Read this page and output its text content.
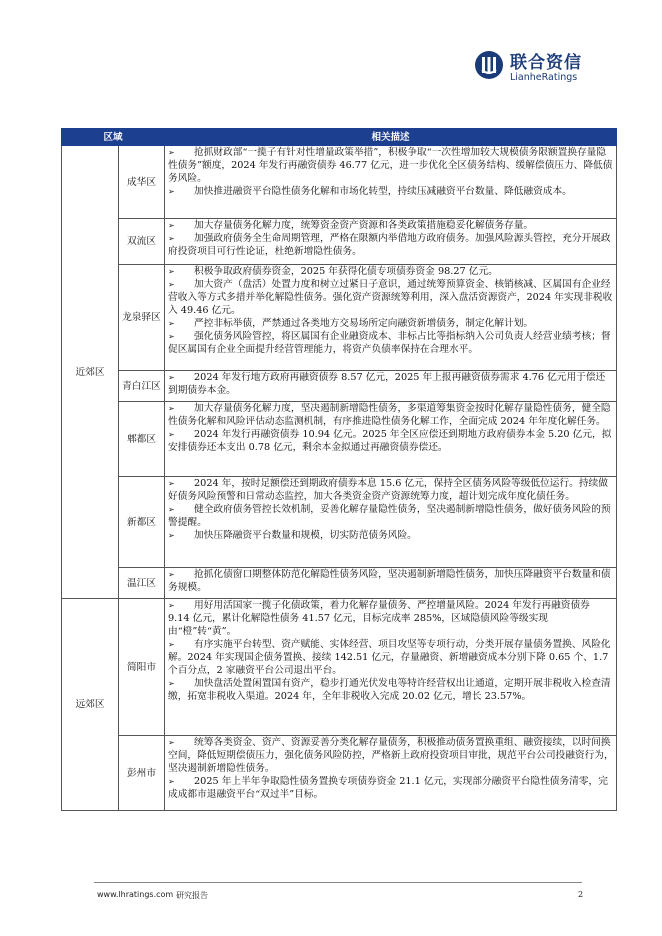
联合资信
LianheRatings
区域		相关描述
近郊区	成华区	➢ 抢抓财政部“一揽子有针对性增量政策举措”，积极争取“一次性增加较大规模债务限额置换存量隐性债务”额度，2024 年发行再融资债券 46.77 亿元，进一步优化全区债务结构、缓解偿债压力、降低债务风险。
➢ 加快推进融资平台隐性债务化解和市场化转型，持续压减融资平台数量、降低融资成本。

	双流区	➢ 加大存量债务化解力度，统筹资金资产资源和各类政策措施稳妥化解债务存量。
➢ 加强政府债务全生命周期管理，严格在限额内举借地方政府债务。加强风险源头管控，充分开展政府投资项目可行性论证，杜绝新增隐性债务。

	龙泉驿区	➢ 积极争取政府债券资金，2025 年获得化债专项债券资金 98.27 亿元。
➢ 加大资产（盘活）处置力度和树立过紧日子意识，通过统筹预算资金、核销核减、区属国有企业经营收入等方式多措并举化解隐性债务。强化资产资源统筹利用，深入盘活资源资产，2024 年实现非税收入 49.46 亿元。
➢ 严控非标举债，严禁通过各类地方交易场所定向融资新增债务，制定化解计划。
➢ 强化债务风险管控，将区属国有企业融资成本、非标占比等指标纳入公司负责人经营业绩考核；督促区属国有企业全面提升经营管理能力，将资产负债率保持在合理水平。

	青白江区	➢ 2024 年发行地方政府再融资债券 8.57 亿元，2025 年上报再融资债券需求 4.76 亿元用于偿还到期债券本金。

	郫都区	➢ 加大存量债务化解力度，坚决遏制新增隐性债务，多渠道筹集资金按时化解存量隐性债务，健全隐性债务化解和风险评估动态监测机制，有序推进隐性债务化解工作，全面完成 2024 年年度化解任务。
➢ 2024 年发行再融资债券 10.94 亿元。2025 年全区应偿还到期地方政府债券本金 5.20 亿元，拟安排债券还本支出 0.78 亿元，剩余本金拟通过再融资债券偿还。

	新都区	➢ 2024 年，按时足额偿还到期政府债券本息 15.6 亿元，保持全区债务风险等级低位运行。持续做好债务风险预警和日常动态监控，加大各类资金资产资源统筹力度，超计划完成年度化债任务。
➢ 健全政府债务管控长效机制，妥善化解存量隐性债务，坚决遏制新增隐性债务，做好债务风险的预警提醒。
➢ 加快压降融资平台数量和规模，切实防范债务风险。

	温江区	➢ 抢抓化债窗口期整体防范化解隐性债务风险，坚决遏制新增隐性债务，加快压降融资平台数量和债务规模。

远郊区	简阳市	➢ 用好用活国家一揽子化债政策，着力化解存量债务、严控增量风险。2024 年发行再融资债券 9.14 亿元，累计化解隐性债务 41.57 亿元，目标完成率 285%，区域隐债风险等级实现由“橙”转“黄”。
➢ 有序实施平台转型、资产赋能、实体经营、项目攻坚等专项行动，分类开展存量债务置换、风险化解。2024 年实现国企债务置换、接续 142.51 亿元，存量融资、新增融资成本分别下降 0.65 个、1.7 个百分点，2 家融资平台公司退出平台。
➢ 加快盘活处置闲置国有资产，稳步打通光伏发电等特许经营权出让通道，定期开展非税收入检查清缴，拓宽非税收入渠道。2024 年，全年非税收入完成 20.02 亿元，增长 23.57%。

	彭州市	➢ 统筹各类资金、资产、资源妥善分类化解存量债务，积极推动债务置换重组、融资接续，以时间换空间，降低短期偿债压力，强化债务风险防控，严格新上政府投资项目审批，规范平台公司投融资行为，坚决遏制新增隐性债务。
➢ 2025 年上半年争取隐性债务置换专项债券资金 21.1 亿元，实现部分融资平台隐性债务清零，完成成都市退融资平台“双过半”目标。
www.lhratings.com 研究报告	2
